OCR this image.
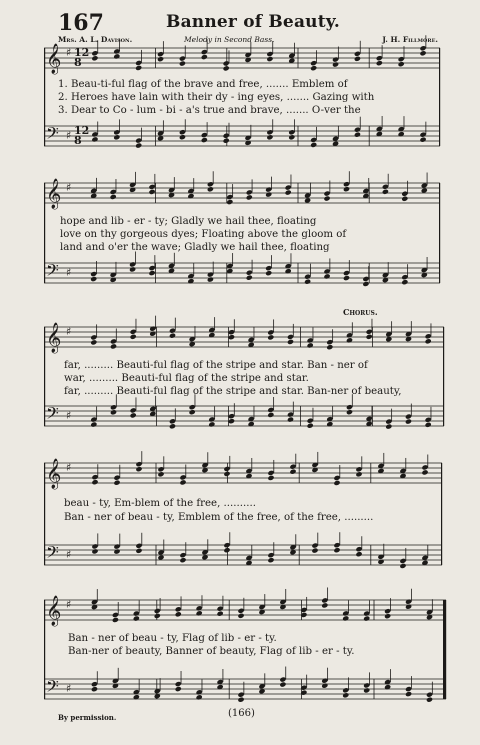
167	Banner of Beauty.
Mrs. A. L. Davison.	Melody in Second Bass.	J. H. Fillmore.
𝄞
𝄢
♯
♯
12
12
8
8
𝄞
𝄢
♯
♯
𝄞
𝄢
♯
♯
𝄞
𝄢
♯
♯
𝄞
𝄢
♯
♯
1. Beau-ti-ful flag of the brave and free, ....... Emblem of
2. Heroes have lain with their dy - ing eyes, ....... Gazing with
3. Dear to Co - lum - bi - a's true and brave, ....... O-ver the
hope and lib - er - ty; Gladly we hail thee, floating
love on thy gorgeous dyes; Floating above the gloom of
land and o'er the wave; Gladly we hail thee, floating
Chorus.
far, ......... Beauti-ful flag of the stripe and star. Ban - ner of
war, ......... Beauti-ful flag of the stripe and star.
far, ......... Beauti-ful flag of the stripe and star. Ban-ner of beauty,
beau - ty, Em-blem of the free, ..........
Ban - ner of beau - ty, Emblem of the free, of the free, .........
Ban - ner of beau - ty, Flag of lib - er - ty.
Ban-ner of beauty, Banner of beauty, Flag of lib - er - ty.
By permission.	(166)
